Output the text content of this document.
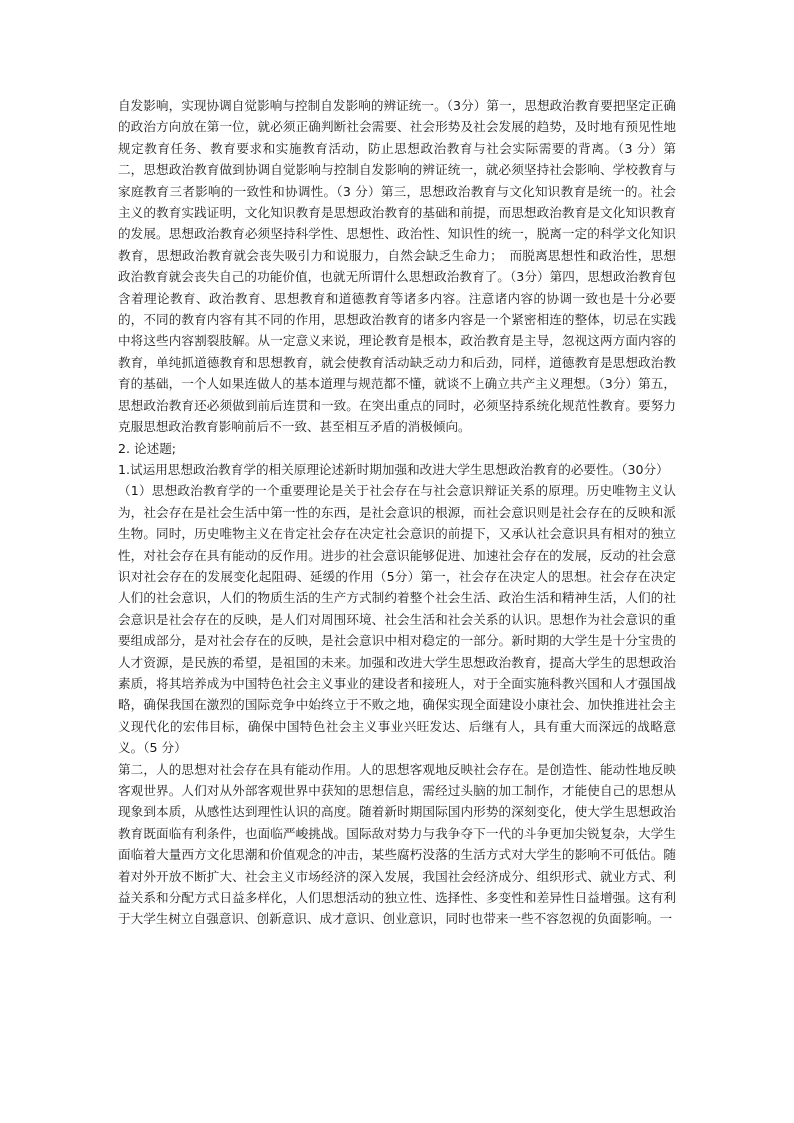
自发影响，实现协调自觉影响与控制自发影响的辨证统一。（3分）第一，思想政治教育要把坚定正确的政治方向放在第一位，就必须正确判断社会需要、社会形势及社会发展的趋势，及时地有预见性地规定教育任务、教育要求和实施教育活动，防止思想政治教育与社会实际需要的背离。（3 分）第二，思想政治教育做到协调自觉影响与控制自发影响的辨证统一，就必须坚持社会影响、学校教育与家庭教育三者影响的一致性和协调性。（3 分）第三，思想政治教育与文化知识教育是统一的。社会主义的教育实践证明，文化知识教育是思想政治教育的基础和前提，而思想政治教育是文化知识教育的发展。思想政治教育必须坚持科学性、思想性、政治性、知识性的统一，脱离一定的科学文化知识教育，思想政治教育就会丧失吸引力和说服力，自然会缺乏生命力；　而脱离思想性和政治性，思想政治教育就会丧失自己的功能价值，也就无所谓什么思想政治教育了。（3分）第四，思想政治教育包含着理论教育、政治教育、思想教育和道德教育等诸多内容。注意诸内容的协调一致也是十分必要的，不同的教育内容有其不同的作用，思想政治教育的诸多内容是一个紧密相连的整体，切忌在实践中将这些内容割裂肢解。从一定意义来说，理论教育是根本，政治教育是主导，忽视这两方面内容的教育，单纯抓道德教育和思想教育，就会使教育活动缺乏动力和后劲，同样，道德教育是思想政治教育的基础，一个人如果连做人的基本道理与规范都不懂，就谈不上确立共产主义理想。（3分）第五，思想政治教育还必须做到前后连贯和一致。在突出重点的同时，必须坚持系统化规范性教育。要努力克服思想政治教育影响前后不一致、甚至相互矛盾的消极倾向。

2. 论述题;

1.试运用思想政治教育学的相关原理论述新时期加强和改进大学生思想政治教育的必要性。（30分）

（1）思想政治教育学的一个重要理论是关于社会存在与社会意识辩证关系的原理。历史唯物主义认为，社会存在是社会生活中第一性的东西，是社会意识的根源，而社会意识则是社会存在的反映和派生物。同时，历史唯物主义在肯定社会存在决定社会意识的前提下，又承认社会意识具有相对的独立性，对社会存在具有能动的反作用。进步的社会意识能够促进、加速社会存在的发展，反动的社会意识对社会存在的发展变化起阻碍、延缓的作用（5分）第一，社会存在决定人的思想。社会存在决定人们的社会意识，人们的物质生活的生产方式制约着整个社会生活、政治生活和精神生活，人们的社会意识是社会存在的反映，是人们对周围环境、社会生活和社会关系的认识。思想作为社会意识的重要组成部分，是对社会存在的反映，是社会意识中相对稳定的一部分。新时期的大学生是十分宝贵的人才资源，是民族的希望，是祖国的未来。加强和改进大学生思想政治教育，提高大学生的思想政治素质，将其培养成为中国特色社会主义事业的建设者和接班人，对于全面实施科教兴国和人才强国战略，确保我国在激烈的国际竞争中始终立于不败之地，确保实现全面建设小康社会、加快推进社会主义现代化的宏伟目标，确保中国特色社会主义事业兴旺发达、后继有人，具有重大而深远的战略意义。（5 分）

第二，人的思想对社会存在具有能动作用。人的思想客观地反映社会存在。是创造性、能动性地反映客观世界。人们对从外部客观世界中获知的思想信息，需经过头脑的加工制作，才能使自己的思想从现象到本质，从感性达到理性认识的高度。随着新时期国际国内形势的深刻变化，使大学生思想政治教育既面临有利条件，也面临严峻挑战。国际敌对势力与我争夺下一代的斗争更加尖锐复杂，大学生面临着大量西方文化思潮和价值观念的冲击，某些腐朽没落的生活方式对大学生的影响不可低估。随着对外开放不断扩大、社会主义市场经济的深入发展，我国社会经济成分、组织形式、就业方式、利益关系和分配方式日益多样化，人们思想活动的独立性、选择性、多变性和差异性日益增强。这有利于大学生树立自强意识、创新意识、成才意识、创业意识，同时也带来一些不容忽视的负面影响。一
